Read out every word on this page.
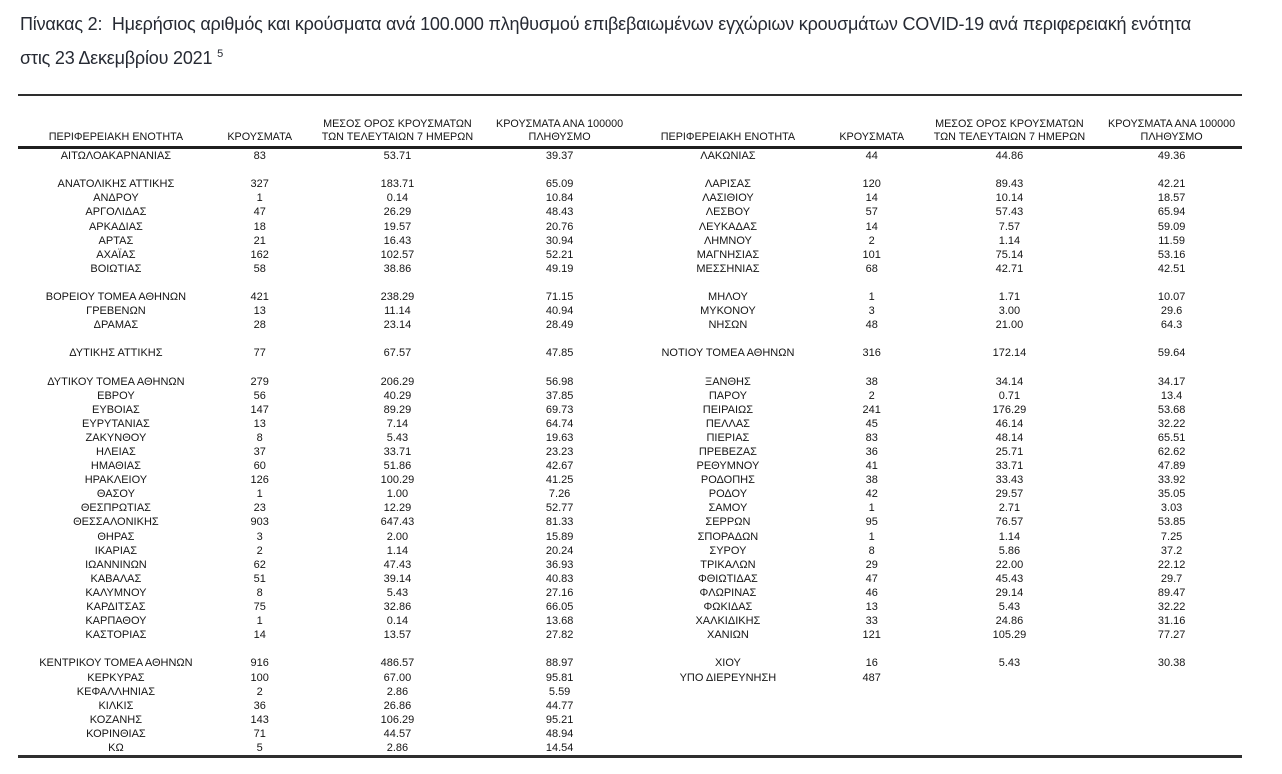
Πίνακας 2:  Ημερήσιος αριθμός και κρούσματα ανά 100.000 πληθυσμού επιβεβαιωμένων εγχώριων κρουσμάτων COVID-19 ανά περιφερειακή ενότητα στις 23 Δεκεμβρίου 2021 $^5$
ΠΕΡΙΦΕΡΕΙΑΚΗ ΕΝΟΤΗΤΑ	ΚΡΟΥΣΜΑΤΑ	ΜΕΣΟΣ ΟΡΟΣ ΚΡΟΥΣΜΑΤΩΝ ΤΩΝ ΤΕΛΕΥΤΑΙΩΝ 7 ΗΜΕΡΩΝ	ΚΡΟΥΣΜΑΤΑ ΑΝΑ 100000 ΠΛΗΘΥΣΜΟ
ΑΙΤΩΛΟΑΚΑΡΝΑΝΙΑΣ	83	53.71	39.37

ΑΝΑΤΟΛΙΚΗΣ ΑΤΤΙΚΗΣ	327	183.71	65.09
ΑΝΔΡΟΥ	1	0.14	10.84
ΑΡΓΟΛΙΔΑΣ	47	26.29	48.43
ΑΡΚΑΔΙΑΣ	18	19.57	20.76
ΑΡΤΑΣ	21	16.43	30.94
ΑΧΑΪΑΣ	162	102.57	52.21
ΒΟΙΩΤΙΑΣ	58	38.86	49.19

ΒΟΡΕΙΟΥ ΤΟΜΕΑ ΑΘΗΝΩΝ	421	238.29	71.15
ΓΡΕΒΕΝΩΝ	13	11.14	40.94
ΔΡΑΜΑΣ	28	23.14	28.49

ΔΥΤΙΚΗΣ ΑΤΤΙΚΗΣ	77	67.57	47.85

ΔΥΤΙΚΟΥ ΤΟΜΕΑ ΑΘΗΝΩΝ	279	206.29	56.98
ΕΒΡΟΥ	56	40.29	37.85
ΕΥΒΟΙΑΣ	147	89.29	69.73
ΕΥΡΥΤΑΝΙΑΣ	13	7.14	64.74
ΖΑΚΥΝΘΟΥ	8	5.43	19.63
ΗΛΕΙΑΣ	37	33.71	23.23
ΗΜΑΘΙΑΣ	60	51.86	42.67
ΗΡΑΚΛΕΙΟΥ	126	100.29	41.25
ΘΑΣΟΥ	1	1.00	7.26
ΘΕΣΠΡΩΤΙΑΣ	23	12.29	52.77
ΘΕΣΣΑΛΟΝΙΚΗΣ	903	647.43	81.33
ΘΗΡΑΣ	3	2.00	15.89
ΙΚΑΡΙΑΣ	2	1.14	20.24
ΙΩΑΝΝΙΝΩΝ	62	47.43	36.93
ΚΑΒΑΛΑΣ	51	39.14	40.83
ΚΑΛΥΜΝΟΥ	8	5.43	27.16
ΚΑΡΔΙΤΣΑΣ	75	32.86	66.05
ΚΑΡΠΑΘΟΥ	1	0.14	13.68
ΚΑΣΤΟΡΙΑΣ	14	13.57	27.82

ΚΕΝΤΡΙΚΟΥ ΤΟΜΕΑ ΑΘΗΝΩΝ	916	486.57	88.97
ΚΕΡΚΥΡΑΣ	100	67.00	95.81
ΚΕΦΑΛΛΗΝΙΑΣ	2	2.86	5.59
ΚΙΛΚΙΣ	36	26.86	44.77
ΚΟΖΑΝΗΣ	143	106.29	95.21
ΚΟΡΙΝΘΙΑΣ	71	44.57	48.94
ΚΩ	5	2.86	14.54
ΠΕΡΙΦΕΡΕΙΑΚΗ ΕΝΟΤΗΤΑ	ΚΡΟΥΣΜΑΤΑ	ΜΕΣΟΣ ΟΡΟΣ ΚΡΟΥΣΜΑΤΩΝ ΤΩΝ ΤΕΛΕΥΤΑΙΩΝ 7 ΗΜΕΡΩΝ	ΚΡΟΥΣΜΑΤΑ ΑΝΑ 100000 ΠΛΗΘΥΣΜΟ
ΛΑΚΩΝΙΑΣ	44	44.86	49.36

ΛΑΡΙΣΑΣ	120	89.43	42.21
ΛΑΣΙΘΙΟΥ	14	10.14	18.57
ΛΕΣΒΟΥ	57	57.43	65.94
ΛΕΥΚΑΔΑΣ	14	7.57	59.09
ΛΗΜΝΟΥ	2	1.14	11.59
ΜΑΓΝΗΣΙΑΣ	101	75.14	53.16
ΜΕΣΣΗΝΙΑΣ	68	42.71	42.51

ΜΗΛΟΥ	1	1.71	10.07
ΜΥΚΟΝΟΥ	3	3.00	29.6
ΝΗΣΩΝ	48	21.00	64.3

ΝΟΤΙΟΥ ΤΟΜΕΑ ΑΘΗΝΩΝ	316	172.14	59.64

ΞΑΝΘΗΣ	38	34.14	34.17
ΠΑΡΟΥ	2	0.71	13.4
ΠΕΙΡΑΙΩΣ	241	176.29	53.68
ΠΕΛΛΑΣ	45	46.14	32.22
ΠΙΕΡΙΑΣ	83	48.14	65.51
ΠΡΕΒΕΖΑΣ	36	25.71	62.62
ΡΕΘΥΜΝΟΥ	41	33.71	47.89
ΡΟΔΟΠΗΣ	38	33.43	33.92
ΡΟΔΟΥ	42	29.57	35.05
ΣΑΜΟΥ	1	2.71	3.03
ΣΕΡΡΩΝ	95	76.57	53.85
ΣΠΟΡΑΔΩΝ	1	1.14	7.25
ΣΥΡΟΥ	8	5.86	37.2
ΤΡΙΚΑΛΩΝ	29	22.00	22.12
ΦΘΙΩΤΙΔΑΣ	47	45.43	29.7
ΦΛΩΡΙΝΑΣ	46	29.14	89.47
ΦΩΚΙΔΑΣ	13	5.43	32.22
ΧΑΛΚΙΔΙΚΗΣ	33	24.86	31.16
ΧΑΝΙΩΝ	121	105.29	77.27

ΧΙΟΥ	16	5.43	30.38
ΥΠΟ ΔΙΕΡΕΥΝΗΣΗ	487		
